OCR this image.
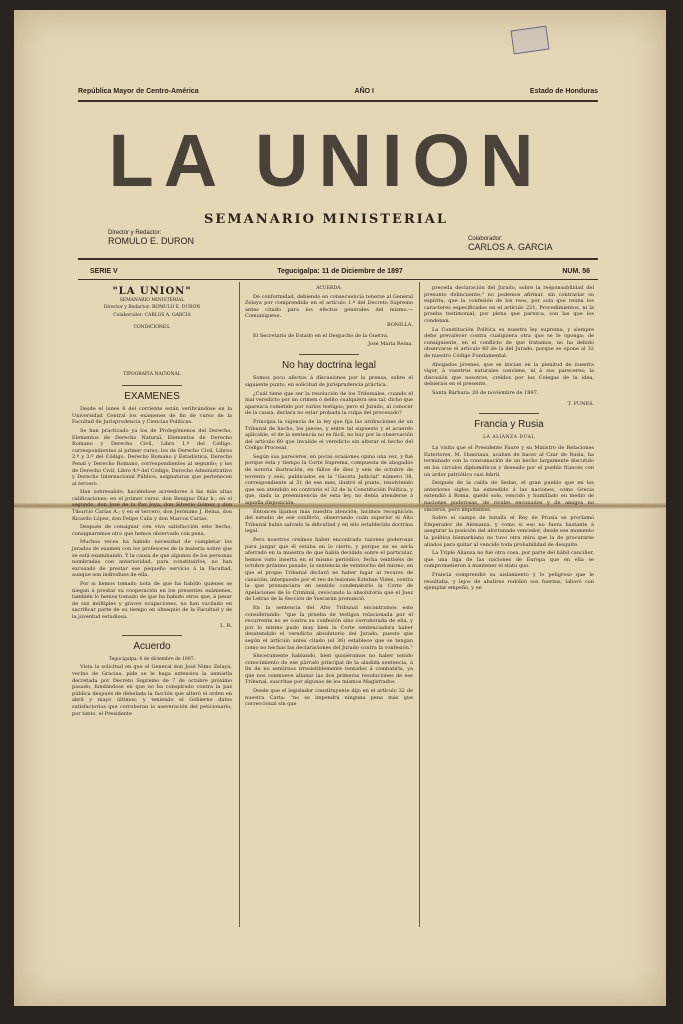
República Mayor de Centro-América	AÑO I	Estado de Honduras
LA UNION
SEMANARIO MINISTERIAL
Director y Redactor:
ROMULO E. DURON	Colaborador:
CARLOS A. GARCIA
SERIE V	Tegucigalpa: 11 de Diciembre de 1897	NUM. 56
"LA UNION"
SEMANARIO MINISTERIAL
Director y Redactor: ROMULO E. DURON
Colaborador: CARLOS A. GARCIA
CONDICIONES.
TIPOGRAFIA NACIONAL
EXAMENES

Desde el lunes 6 del corriente están verificándose en la Universidad Central los exámenes de fin de curso de la Facultad de Jurisprudencia y Ciencias Políticas.

Se han practicado ya los de Prolegómenos del Derecho, Elementos de Derecho Natural, Elementos de Derecho Romano y Derecho Civil, Libro 1.º del Código, correspondientes al primer curso; los de Derecho Civil, Libros 2.º y 3.º del Código, Derecho Romano y Estadística, Derecho Penal y Derecho Romano, correspondientes al segundo; y los de Derecho Civil, Libro 4.º del Código, Derecho Administrativo y Derecho Internacional Público, asignaturas que pertenecen al tercero.

Han sobresalido, haciéndose acreedores á las más altas calificaciones: en el primer curso, don Benigno Díaz h.; en el segundo, don José de la Paz Joya, don Silverio Gómez y don Tiburcio Carías A.; y en el tercero, don Jerónimo J. Reina, don Ricardo López, don Felipe Calix y don Marcos Carías.

Después de consignar con viva satisfacción este hecho, consignaremos otro que hemos observado con pena.

Muchos veces ha habido necesidad de completar los jurados de examen con los profesores de la materia sobre que se está examinando. Y la causa de que algunos de los personas nombradas con anterioridad, para constituirlos, no han excusado de prestar ese pequeño servicio á la Facultad, aunque son individuos de ella.

Por si hemos tomado nota de que ha habido quienes se niegan á prestar su cooperación en los presentes exámenes, también lo hemos tomado de que ha habido otros que, á pesar de sus múltiples y graves ocupaciones, no han vacilado en sacrificar parte de su tiempo en obsequio de la Facultad y de la juventud estudiosa.

L. R.
Acuerdo
Tegucigalpa: 6 de diciembre de 1897.

Vista la solicitud en que el General don José Nimo Zelaya, vecino de Gracias, pide se le haga extensiva la amnistía decretada por Decreto Supremo de 7 de octubre próximo pasado, fundándose en que no ha conspirado contra la paz pública después de debelada la facción que alteró el orden en abril y mayo últimos; y teniendo el Gobierno datos satisfactorios que corroboran la aseveración del peticionario; por tanto, el Presidente

ACUERDA:

De conformidad, debiendo en consecuencia tenerse al General Zelaya por comprendido en el artículo 1.º del Decreto Supremo antes citado para los efectos generales del mismo.—Comuníquese.

BONILLA.

El Secretario de Estado en el Despacho de la Guerra,

José María Reina.
No hay doctrina legal

Somos poco afectos á discusiones por la prensa, sobre el siguiente punto, en solicitud de jurisprudencia práctica.

¿Cuál tiene que ser la resolución de los Tribunales, cuando el mal veredicto por un crimen ó delito cualquiera sea tal, dicho que aparezca cometido por varios testigos; pero el Jurado, al conocer de la causa, declara no estar probada la culpa del procesado?

Principia la vigencia de la ley que fija las atribuciones de un Tribunal de hecho, los jueces, y entre tal supuesto y el acuerdo aplicable, el de la sentencia no es fácil, no hay por la observación del artículo 60 que invalide el veredicto sin alterar el hecho del Código Procesal.

Según sus pareceres, en pocas ocasiones opina una vez, y fué porque ésta y tiempo la Corte Suprema, compuesta de abogados de notoria ilustración, en fallos de diez y seis de octubre de noventa y seis, publicados en la "Gaceta Judicial" número 38, correspondiente al 31 de ese mes, ilustró el punto, resolviendo que sea atendido en contrario el 32 de la Constitución Política, y que, dada la preeminencia de esta ley, no debía atenderse á aquella disposición.

Entonces lijamos más nuestra atención; hicimos recognición del estudio de ese conflicto, observando cuán superior el Alto Tribunal había salvado la dificultad y en ello establecida doctrina legal.

Pero nosotros creímos haber encontrado razones poderosas para juzgar que él estaba en lo cierto, y porque no se sería aferrado en la muestra de que había decidido sobre el particular, hemos visto inserta en el mismo periódico, fecha veintiséis de octubre próximo pasado, la sentencia de veintiocho del mismo, en que el propio Tribunal declaró no haber lugar al recurso de casación, interpuesto por el reo de lesiones Esteban Vides, contra la que pronunciara en sentido condenatorio la Corte de Apelaciones de lo Criminal, revocando la absolutoria que el Juez de Letras de la Sección de Yuscarán pronunció.

En la sentencia del Alto Tribunal encontramos este considerando: "que la prueba de testigos relacionada por el recurrente no se contra su confesión sino corroborada de ella, y por lo mismo pudo muy bien la Corte sentenciadora haber desatendido el veredicto absolutorio del Jurado, puesto que según el artículo antes citado (el 36) establece que se tengan como no hechas las declaraciones del Jurado contra la confesión."

Sinceramente hablando, bien quisiéramos no haber tenido conocimiento de ese párrafo principal de la aludida sentencia, á fin de no sentirnos irresistiblemente tentados á combatirla, ya que nos conmueve allanar las dos primeras resoluciones de ese Tribunal, suscritas por algunos de los mismos Magistrados.

Desde que el legislador constituyente dijo en el artículo 32 de nuestra Carta: "no se impondrá ninguna pena más que correccional sin que

preceda declaración del Jurado, sobre la responsabilidad del presunto delincuente," no podemos afirmar, sin contrariar su espíritu, que la confesión de los reos, por sola que reúna los caracteres especificados en el artículo 221, Procedimientos, ni la prueba testimonial, por plena que parezca, son las que los condenan.

La Constitución Política es nuestra ley suprema, y siempre debe prevalecer contra cualquiera otra que se le oponga; de consiguiente, en el conflicto de que tratamos, no ha debido observarse el artículo 60 de la del Jurado, porque se opone al 32 de nuestro Código Fundamental.

Abogados jóvenes, que se inician en la plenitud de nuestra vigor, á vuestros naturales conviene, ni á sus pareceres; la discusión que nosotros, creídos por los Colegas de la idea, debiérais en el presente.

Santa Bárbara: 20 de noviembre de 1897.
T. FUNES.
Francia y Rusia
LA ALIANZA DUAL

La visita que el Presidente Faure y su Ministro de Relaciones Exteriores, M. Hanotaux, acaban de hacer al Czar de Rusia, ha terminado con la consumación de un hecho largamente discutido en los círculos diplomáticos y deseado por el pueblo francés con un ardor patriótico casi febril.

Después de la caída de Sedan, el gran pueblo que en los anteriores siglos ha extendido á las naciones, como Grecia extendió á Roma, quedó solo, vencido y humillado en medio de naciones poderosas, de rivales enconados y de amigos no sinceros, pero impotentes.

Sobre el campo de batalla el Rey de Prusia se proclamó Emperador de Alemania, y como si eso no fuera bastante á asegurar la posición del afortunado vencedor, desde ese momento la política bismarkiana no tuvo otra mira que la de procurarse aliados para quitar al vencido toda probabilidad de desquite.

La Triple Alianza no fué otra cosa, por parte del hábil canciller, que una liga de las naciones de Europa que en ella se comprometieron á mantener el statu quo.

Francia comprendió su aislamiento y lo peligroso que le resultaba, y lejos de abatirse redobló sus fuerzas, laboró con ejemplar empeño, y en
